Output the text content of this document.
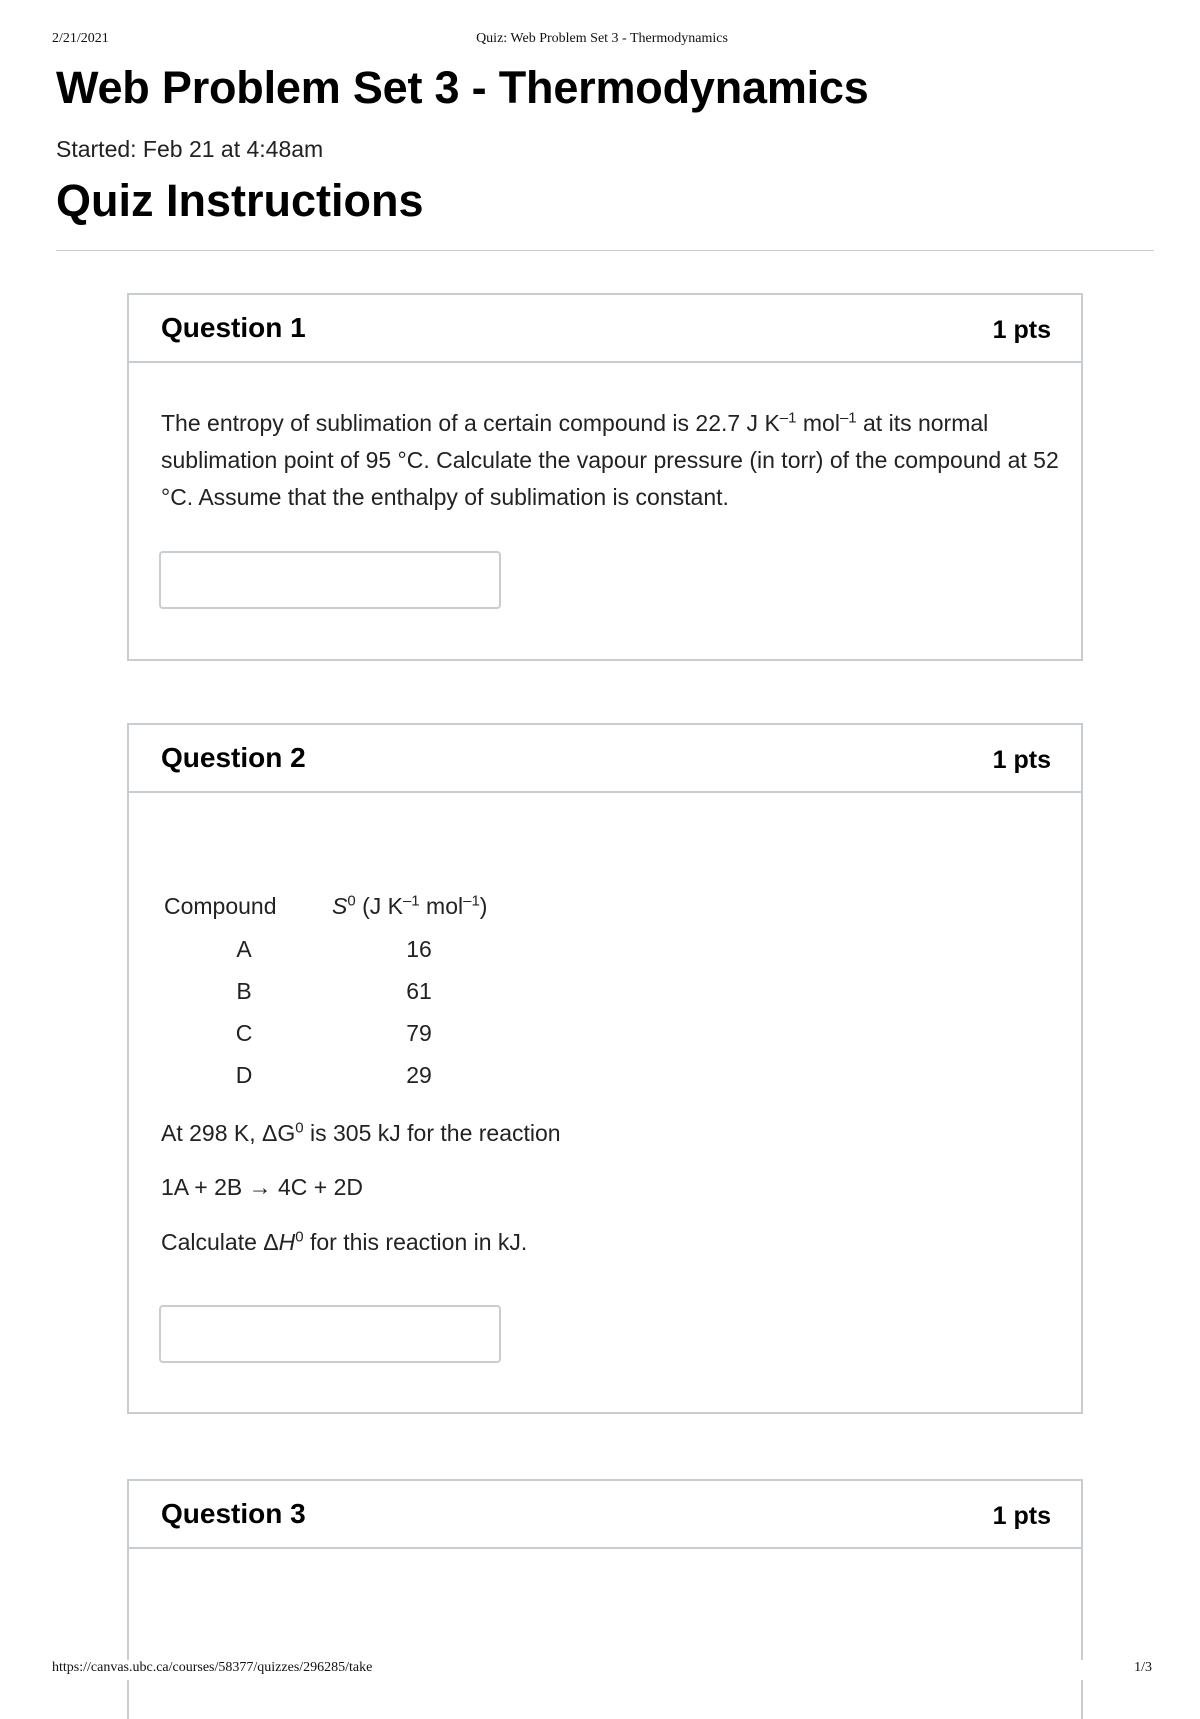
2/21/2021	Quiz: Web Problem Set 3 - Thermodynamics
Web Problem Set 3 - Thermodynamics
Started: Feb 21 at 4:48am
Quiz Instructions
Question 1	1 pts

The entropy of sublimation of a certain compound is 22.7 J $K^{-1}$ mol$^{-1}$ at its normal sublimation point of 95 °C. Calculate the vapour pressure (in torr) of the compound at 52 °C. Assume that the enthalpy of sublimation is constant.

Question 2	1 pts
Compound $S^0$ (J $K^{-1}$ mol$^{-1}$)
A	16
B	61
C	79
D	29
At 298 K, $\Delta G^0$ is 305 kJ for the reaction
1A + 2B → 4C + 2D
Calculate $\Delta H^0$ for this reaction in kJ.
Question 3	1 pts
https://canvas.ubc.ca/courses/58377/quizzes/296285/take	1/3
